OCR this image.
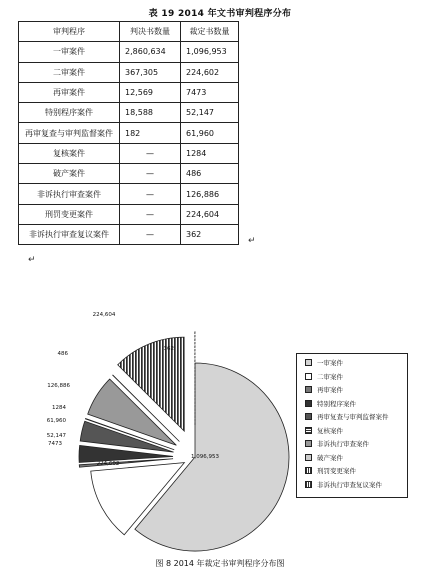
表 19 2014 年文书审判程序分布
审判程序	判决书数量	裁定书数量
一审案件	2,860,634	1,096,953
二审案件	367,305	224,602
再审案件	12,569	7473
特别程序案件	18,588	52,147
再审复查与审判监督案件	182	61,960
复核案件	—	1284
破产案件	—	486
非诉执行审查案件	—	126,886
刑罚变更案件	—	224,604
非诉执行审查复议案件	—	362
↵
↵
1,096,953
224,602
7473
52,147
61,960
1284
126,886
486
224,604
362
一审案件
二审案件
再审案件
特别程序案件
再审复查与审判监督案件
复核案件
非诉执行审查案件
破产案件
刑罚变更案件
非诉执行审查复议案件
图 8 2014 年裁定书审判程序分布图
